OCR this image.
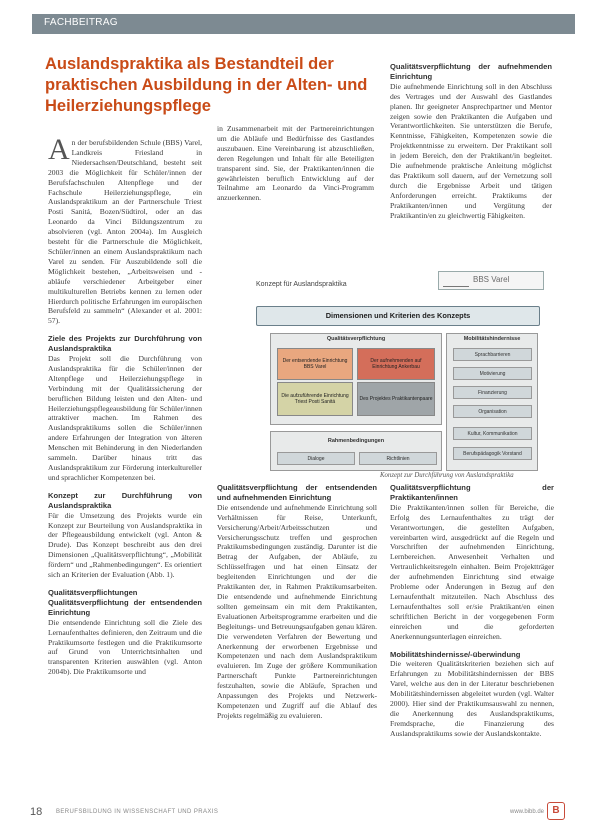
FACHBEITRAG
Auslandspraktika als Bestandteil der praktischen Ausbildung in der Alten- und Heilerziehungspflege

An der berufsbildenden Schule (BBS) Varel, Landkreis Friesland in Niedersachsen/Deutschland, besteht seit 2003 die Möglichkeit für Schüler/innen der Berufsfachschulen Altenpflege und der Fachschule Heilerziehungspflege, ein Auslandspraktikum an der Partnerschule Triest Posti Sanitá, Bozen/Südtirol, oder an das Leonardo da Vinci Bildungszentrum zu absolvieren (vgl. Anton 2004a). Im Ausgleich besteht für die Partnerschule die Möglichkeit, Schüler/innen an einem Auslandspraktikum nach Varel zu senden. Für Auszubildende soll die Möglichkeit bestehen, „Arbeitsweisen und -abläufe verschiedener Arbeitgeber einer multikulturellen Betriebs kennen zu lernen oder Hierdurch politische Erfahrungen im europäischen Berufsfeld zu sammeln“ (Alexander et al. 2001: 57).

Ziele des Projekts zur Durchführung von Auslandspraktika

Das Projekt soll die Durchführung von Auslandspraktika für die Schüler/innen der Altenpflege und Heilerziehungspflege in Verbindung mit der Qualitätssicherung der beruflichen Bildung leisten und den Alten- und Heilerziehungspflegeausbildung für Schüler/innen attraktiver machen. Im Rahmen des Auslandspraktikums sollen die Schüler/innen andere Erfahrungen der Integration von älteren Menschen mit Behinderung in den Niederlanden sammeln. Darüber hinaus tritt das Auslandspraktikum zur Förderung interkultureller und sprachlicher Kompetenzen bei.

Konzept zur Durchführung von Auslandspraktika

Für die Umsetzung des Projekts wurde ein Konzept zur Beurteilung von Auslandspraktika in der Pflegeausbildung entwickelt (vgl. Anton & Drude). Das Konzept beschreibt aus den drei Dimensionen „Qualitätsverpflichtung“, „Mobilität fördern“ und „Rahmenbedingungen“. Es orientiert sich an Kriterien der Evaluation (Abb. 1).

Qualitätsverpflichtungen
Qualitätsverpflichtung der entsendenden Einrichtung

Die entsendende Einrichtung soll die Ziele des Lernaufenthaltes definieren, den Zeitraum und die Praktikumsorte festlegen und die Praktikumsorte auf Grund von Unterrichtsinhalten und transparenten Kriterien auswählen (vgl. Anton 2004b). Die Praktikumsorte und

in Zusammenarbeit mit der Partnereinrichtungen um die Abläufe und Bedürfnisse des Gastlandes auszubauen. Eine Vereinbarung ist abzuschließen, deren Regelungen und Inhalt für alle Beteiligten transparent sind. Sie, der Praktikanten/innen die gewährleisten beruflich Entwicklung auf der Teilnahme am Leonardo da Vinci-Programm anzuerkennen.

Qualitätsverpflichtung der aufnehmenden Einrichtung

Die aufnehmende Einrichtung soll in den Abschluss des Vertrages und der Auswahl des Gastlandes planen. Ihr geeigneter Ansprechpartner und Mentor zeigen sowie den Praktikanten die Aufgaben und Verantwortlichkeiten. Sie unterstützen die Berufe, Kenntnisse, Fähigkeiten, Kompetenzen sowie die Projektkenntnisse zu erweitern. Der Praktikant soll in jedem Bereich, den der Praktikant/in begleitet. Die aufnehmende praktische Anleitung möglichst das Praktikum soll dauern, auf der Vernetzung soll durch die Ergebnisse Arbeit und tätigen Anforderungen erreicht. Praktikums der Praktikanten/innen und Vergütung der Praktikantin/en zu gleichwertig Fähigkeiten.

Konzept für Auslandspraktika
BBS Varel
Dimensionen und Kriterien des Konzepts
Qualitätsverpflichtung
Der entsendende Einrichtung BBS Varel
Der aufnehmenden auf Einrichtung Ankerbau
Die aufzuführende Einrichtung Triest Posti Sanitá	Des Projektes Praktikantenpaare
Mobilitätshindernisse
Sprachbarrieren
Motivierung
Finanzierung
Organisation
Kultur, Kommunikation
Berufspädagogik Vorstand
Rahmenbedingungen
Dialoge	Richtlinien
Konzept zur Durchführung von Auslandspraktika
Qualitätsverpflichtung der entsendenden und aufnehmenden Einrichtung

Die entsendende und aufnehmende Einrichtung soll Verhältnissen für Reise, Unterkunft, Versicherung/Arbeit/Arbeitsschutzen und Versicherungsschutz treffen und gesprochen Praktikumsbedingungen zuständig. Darunter ist die Betrag der Aufgaben, der Abläufe, zu Schlüsselfragen und hat einen Einsatz der begleitenden Einrichtungen und der die Praktikanten der, in Rahmen Praktikumsarbeiten. Die entsendende und aufnehmende Einrichtung sollten gemeinsam ein mit dem Praktikanten, Evaluationen Arbeitsprogramme erarbeiten und die Begleitungs- und Betreuungsaufgaben genau klären. Die verwendeten Verfahren der Bewertung und Anerkennung der erworbenen Ergebnisse und Kompetenzen und nach dem Auslandspraktikum evaluieren. Im Zuge der größere Kommunikation Partnerschaft Punkte Partnereinrichtungen festzuhalten, sowie die Abläufe, Sprachen und Anpassungen des Projekts und Netzwerk-Kompetenzen und Zugriff auf die Ablauf des Projekts regelmäßig zu evaluieren.

Qualitätsverpflichtung der Praktikanten/innen

Die Praktikanten/innen sollen für Bereiche, die Erfolg des Lernaufenthaltes zu trägt der Verantwortungen, die gestellten Aufgaben, vereinbarten wird, ausgedrückt auf die Regeln und Vorschriften der aufnehmenden Einrichtung, Lernbereichen. Anwesenheit Verhalten und Vertraulichkeitsregeln einhalten. Beim Projektträger der aufnehmenden Einrichtung sind etwaige Probleme oder Änderungen in Bezug auf den Lernaufenthalt mitzuteilen. Nach Abschluss des Lernaufenthaltes soll er/sie Praktikant/en einen schriftlichen Bericht in der vorgegebenen Form einreichen und die geforderten Anerkennungsunterlagen einreichen.

Mobilitätshindernisse/-überwindung

Die weiteren Qualitätskriterien beziehen sich auf Erfahrungen zu Mobilitätshindernissen der BBS Varel, welche aus den in der Literatur beschriebenen Mobilitätshindernissen abgeleitet wurden (vgl. Walter 2000). Hier sind der Praktikumsauswahl zu nennen, die Anerkennung des Auslandspraktikums, Fremdsprache, die Finanzierung des Auslandspraktikums sowie der Auslandskontakte.

18 BERUFSBILDUNG IN WISSENSCHAFT UND PRAXIS	www.bibb.de B
